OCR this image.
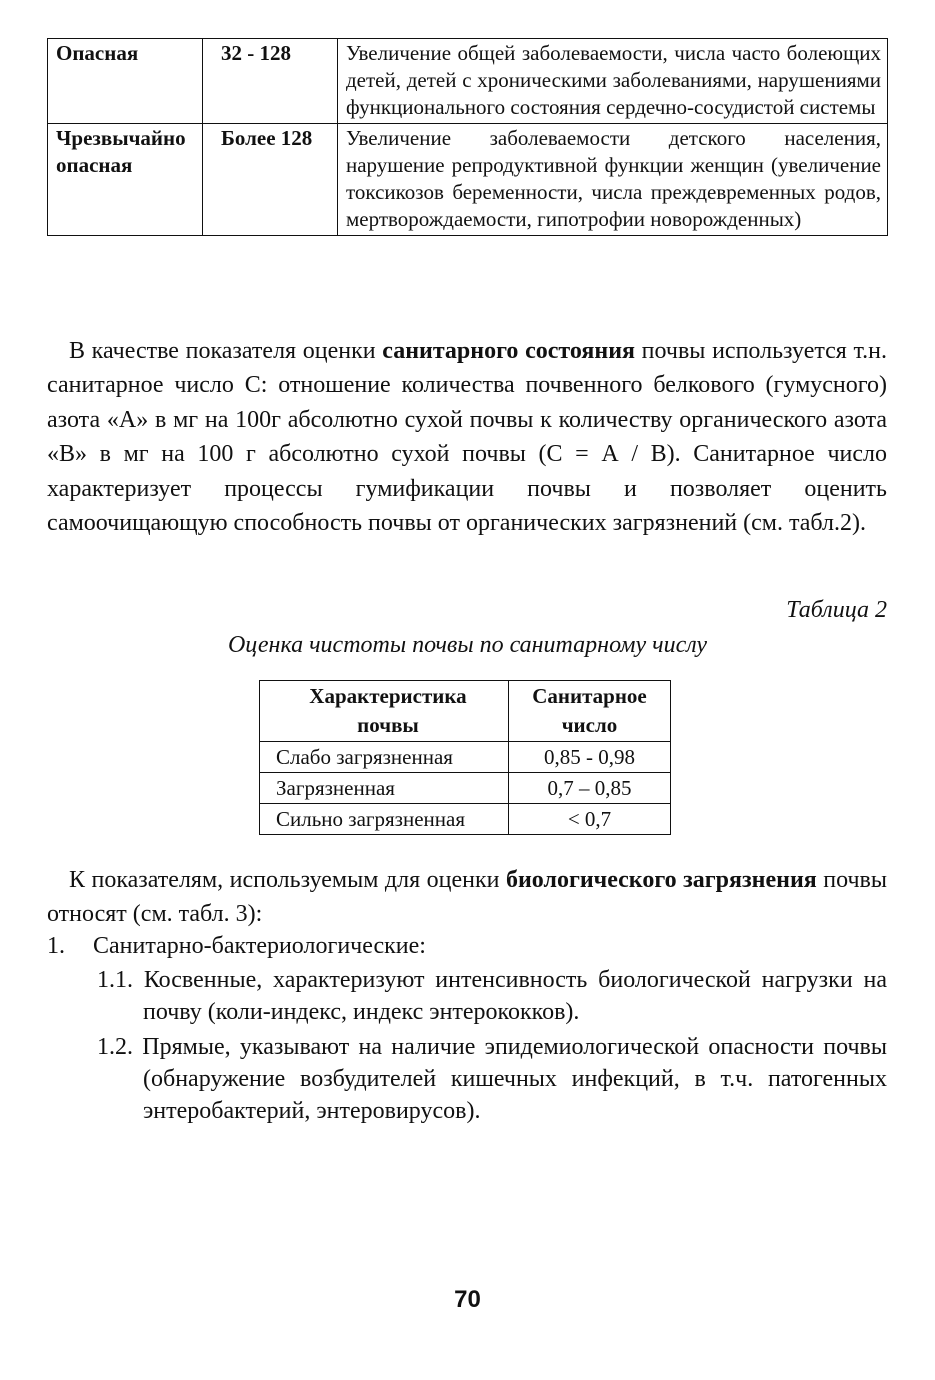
Опасная	32 - 128	Увеличение общей заболеваемости, числа часто болеющих детей, детей с хроническими заболеваниями, нарушениями функционального состояния сердечно-сосудистой системы
Чрезвычайно опасная	Более 128	Увеличение заболеваемости детского населения, нарушение репродуктивной функции женщин (увеличение токсикозов беременности, числа преждевременных родов, мертворождаемости, гипотрофии новорожденных)
В качестве показателя оценки санитарного состояния почвы используется т.н. санитарное число С: отношение количества почвенного белкового (гумусного) азота «А» в мг на 100г абсолютно сухой почвы к количеству органического азота «В» в мг на 100 г абсолютно сухой почвы (С = А / В). Санитарное число характеризует процессы гумификации почвы и позволяет оценить самоочищающую способность почвы от органических загрязнений (см. табл.2).
Таблица 2
Оценка чистоты почвы по санитарному числу
Характеристика почвы	Санитарное число
Слабо загрязненная	0,85 - 0,98
Загрязненная	0,7 – 0,85
Сильно загрязненная	< 0,7
К показателям, используемым для оценки биологического загрязнения почвы относят (см. табл. 3):
1. Санитарно-бактериологические:
1.1. Косвенные, характеризуют интенсивность биологической нагрузки на почву (коли-индекс, индекс энтерококков).
1.2. Прямые, указывают на наличие эпидемиологической опасности почвы (обнаружение возбудителей кишечных инфекций, в т.ч. патогенных энтеробактерий, энтеровирусов).
70
